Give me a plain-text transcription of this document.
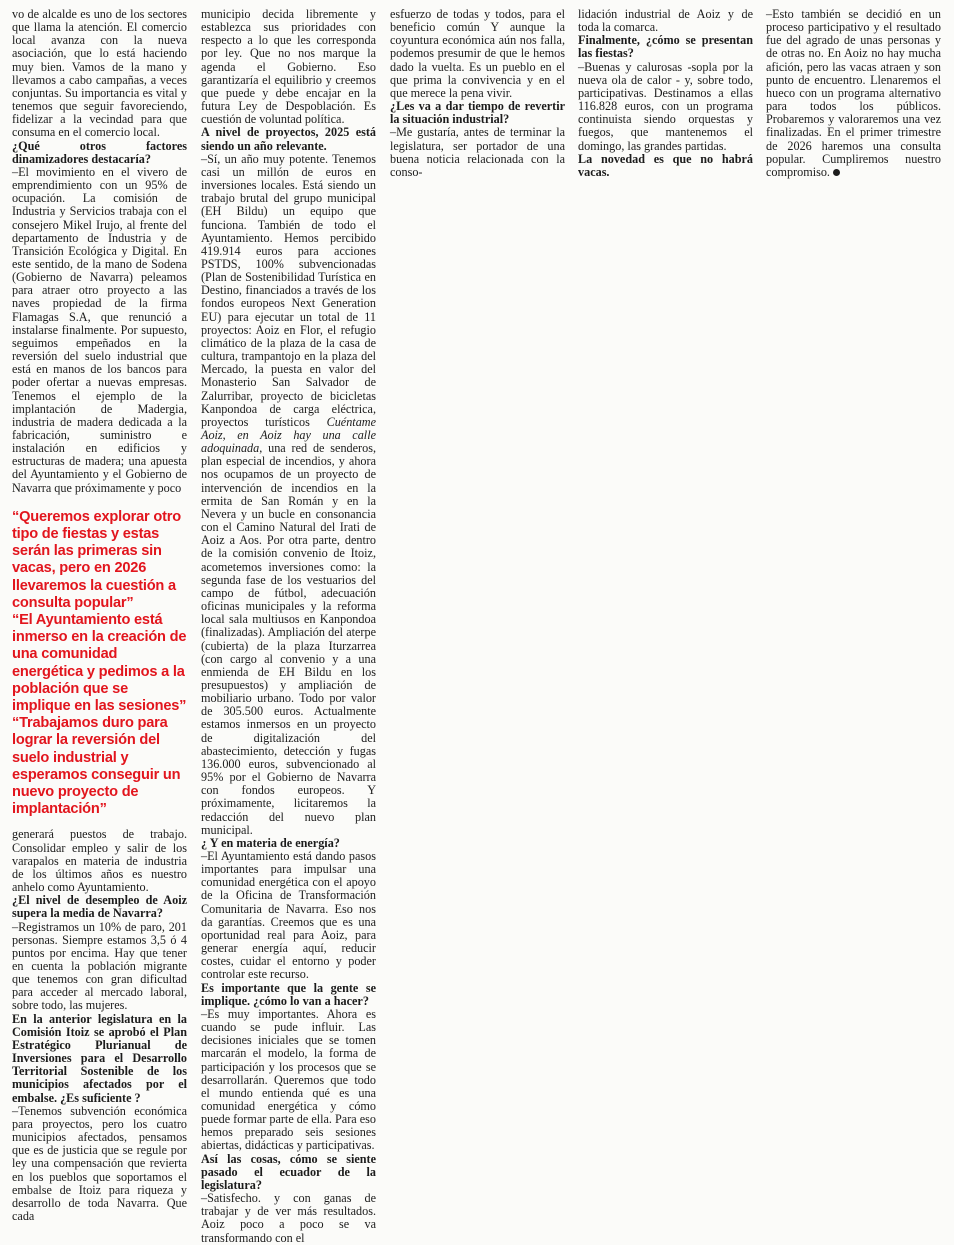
vo de alcalde es uno de los sectores que llama la atención. El comercio local avanza con la nueva asociación, que lo está haciendo muy bien. Vamos de la mano y llevamos a cabo campañas, a veces conjuntas. Su importancia es vital y tenemos que seguir favoreciendo, fidelizar a la vecindad para que consuma en el comercio local.

¿Qué otros factores dinamizadores destacaría?

–El movimiento en el vivero de emprendimiento con un 95% de ocupación. La comisión de Industria y Servicios trabaja con el consejero Mikel Irujo, al frente del departamento de Industria y de Transición Ecológica y Digital. En este sentido, de la mano de Sodena (Gobierno de Navarra) peleamos para atraer otro proyecto a las naves propiedad de la firma Flamagas S.A, que renunció a instalarse finalmente. Por supuesto, seguimos empeñados en la reversión del suelo industrial que está en manos de los bancos para poder ofertar a nuevas empresas. Tenemos el ejemplo de la implantación de Madergia, industria de madera dedicada a la fabricación, suministro e instalación en edificios y estructuras de madera; una apuesta del Ayuntamiento y el Gobierno de Navarra que próximamente y poco

“Queremos explorar otro tipo de fiestas y estas serán las primeras sin vacas, pero en 2026 llevaremos la cuestión a consulta popular”

“El Ayuntamiento está inmerso en la creación de una comunidad energética y pedimos a la población que se implique en las sesiones”

“Trabajamos duro para lograr la reversión del suelo industrial y esperamos conseguir un nuevo proyecto de implantación”

generará puestos de trabajo. Consolidar empleo y salir de los varapalos en materia de industria de los últimos años es nuestro anhelo como Ayuntamiento.

¿El nivel de desempleo de Aoiz supera la media de Navarra?

–Registramos un 10% de paro, 201 personas. Siempre estamos 3,5 ó 4 puntos por encima. Hay que tener en cuenta la población migrante que tenemos con gran dificultad para acceder al mercado laboral, sobre todo, las mujeres.

En la anterior legislatura en la Comisión Itoiz se aprobó el Plan Estratégico Plurianual de Inversiones para el Desarrollo Territorial Sostenible de los municipios afectados por el embalse. ¿Es suficiente ?

–Tenemos subvención económica para proyectos, pero los cuatro municipios afectados, pensamos que es de justicia que se regule por ley una compensación que revierta en los pueblos que soportamos el embalse de Itoiz para riqueza y desarrollo de toda Navarra. Que cada

municipio decida libremente y establezca sus prioridades con respecto a lo que les corresponda por ley. Que no nos marque la agenda el Gobierno. Eso garantizaría el equilibrio y creemos que puede y debe encajar en la futura Ley de Despoblación. Es cuestión de voluntad política.

A nivel de proyectos, 2025 está siendo un año relevante.

–Sí, un año muy potente. Tenemos casi un millón de euros en inversiones locales. Está siendo un trabajo brutal del grupo municipal (EH Bildu) un equipo que funciona. También de todo el Ayuntamiento. Hemos percibido 419.914 euros para acciones PSTDS, 100% subvencionadas (Plan de Sostenibilidad Turística en Destino, financiados a través de los fondos europeos Next Generation EU) para ejecutar un total de 11 proyectos: Aoiz en Flor, el refugio climático de la plaza de la casa de cultura, trampantojo en la plaza del Mercado, la puesta en valor del Monasterio San Salvador de Zalurribar, proyecto de bicicletas Kanpondoa de carga eléctrica, proyectos turísticos Cuéntame Aoiz, en Aoiz hay una calle adoquinada, una red de senderos, plan especial de incendios, y ahora nos ocupamos de un proyecto de intervención de incendios en la ermita de San Román y en la Nevera y un bucle en consonancia con el Camino Natural del Irati de Aoiz a Aos. Por otra parte, dentro de la comisión convenio de Itoiz, acometemos inversiones como: la segunda fase de los vestuarios del campo de fútbol, adecuación oficinas municipales y la reforma local sala multiusos en Kanpondoa (finalizadas). Ampliación del aterpe (cubierta) de la plaza Iturzarrea (con cargo al convenio y a una enmienda de EH Bildu en los presupuestos) y ampliación de mobiliario urbano. Todo por valor de 305.500 euros. Actualmente estamos inmersos en un proyecto de digitalización del abastecimiento, detección y fugas 136.000 euros, subvencionado al 95% por el Gobierno de Navarra con fondos europeos. Y próximamente, licitaremos la redacción del nuevo plan municipal.

¿ Y en materia de energía?

–El Ayuntamiento está dando pasos importantes para impulsar una comunidad energética con el apoyo de la Oficina de Transformación Comunitaria de Navarra. Eso nos da garantías. Creemos que es una oportunidad real para Aoiz, para generar energía aquí, reducir costes, cuidar el entorno y poder controlar este recurso.

Es importante que la gente se implique. ¿cómo lo van a hacer?

–Es muy importantes. Ahora es cuando se pude influir. Las decisiones iniciales que se tomen marcarán el modelo, la forma de participación y los procesos que se desarrollarán. Queremos que todo el mundo entienda qué es una comunidad energética y cómo puede formar parte de ella. Para eso hemos preparado seis sesiones abiertas, didácticas y participativas.

Así las cosas, cómo se siente pasado el ecuador de la legislatura?

–Satisfecho. y con ganas de trabajar y de ver más resultados. Aoiz poco a poco se va transformando con el

esfuerzo de todas y todos, para el beneficio común Y aunque la coyuntura económica aún nos falla, podemos presumir de que le hemos dado la vuelta. Es un pueblo en el que prima la convivencia y en el que merece la pena vivir.

¿Les va a dar tiempo de revertir la situación industrial?

–Me gustaría, antes de terminar la legislatura, ser portador de una buena noticia relacionada con la conso-

lidación industrial de Aoiz y de toda la comarca.

Finalmente, ¿cómo se presentan las fiestas?

–Buenas y calurosas -sopla por la nueva ola de calor - y, sobre todo, participativas. Destinamos a ellas 116.828 euros, con un programa continuista siendo orquestas y fuegos, que mantenemos el domingo, las grandes partidas.

La novedad es que no habrá vacas.

–Esto también se decidió en un proceso participativo y el resultado fue del agrado de unas personas y de otras no. En Aoiz no hay mucha afición, pero las vacas atraen y son punto de encuentro. Llenaremos el hueco con un programa alternativo para todos los públicos. Probaremos y valoraremos una vez finalizadas. En el primer trimestre de 2026 haremos una consulta popular. Cumpliremos nuestro compromiso.
